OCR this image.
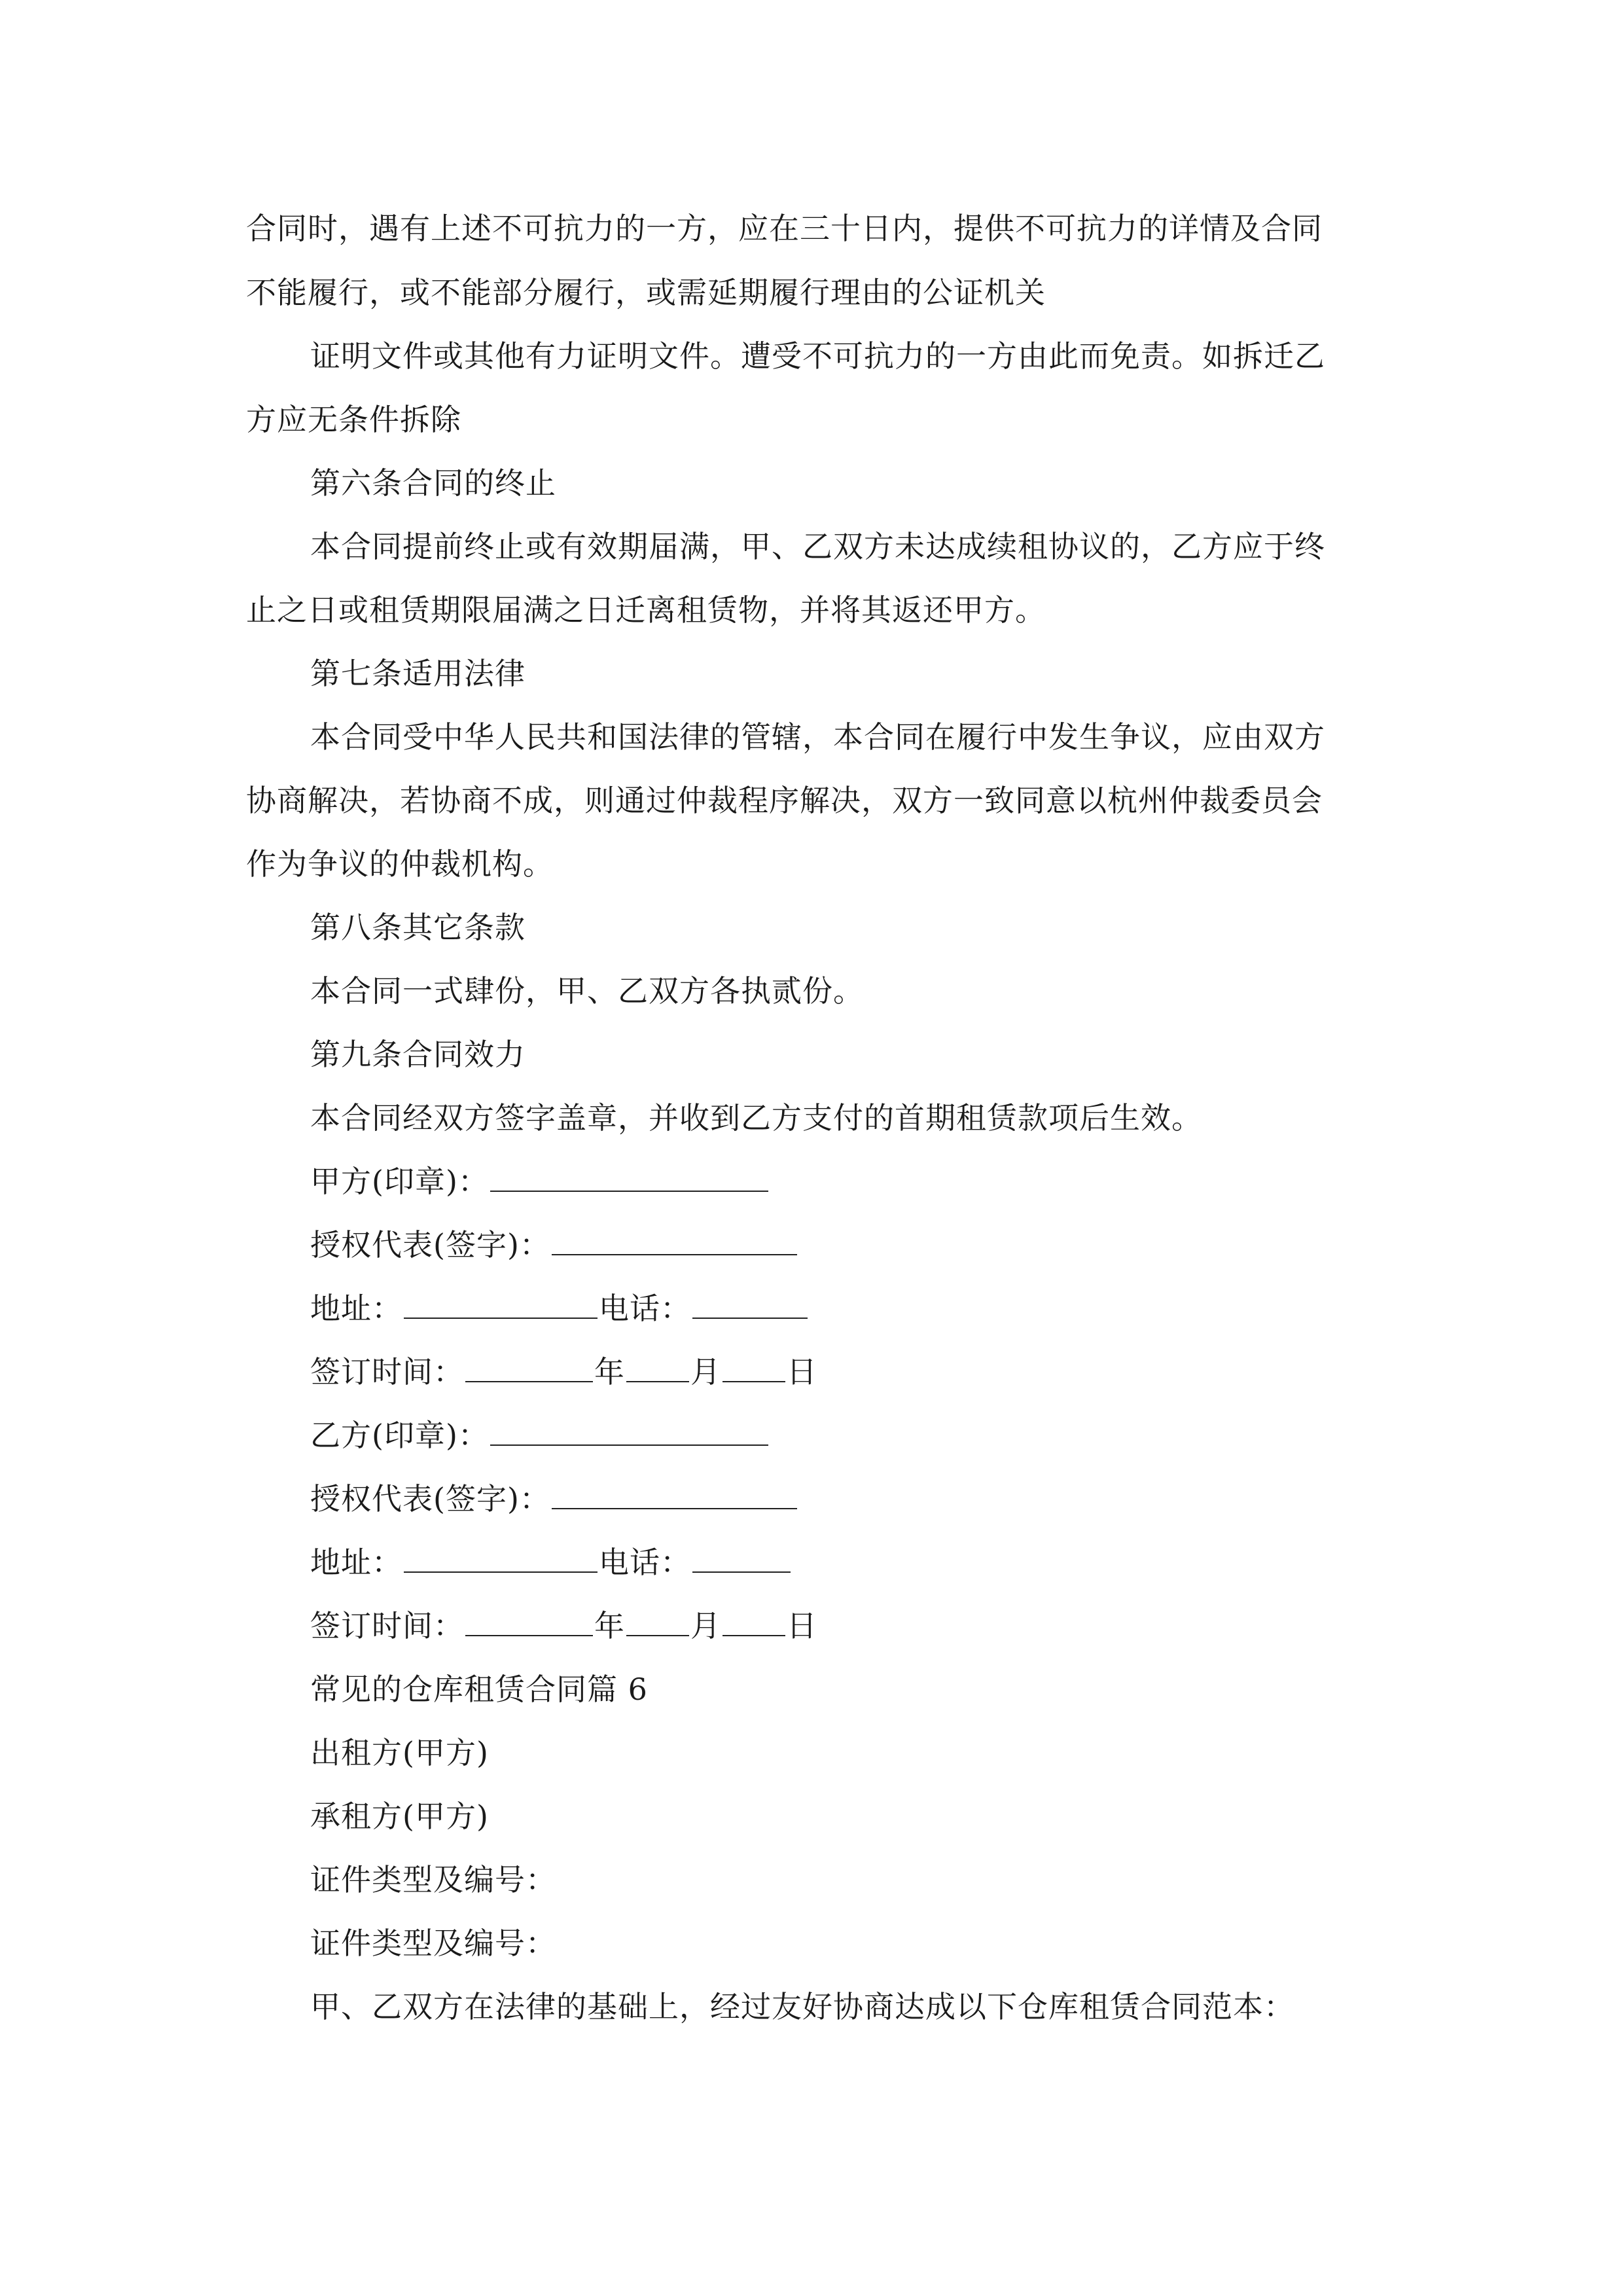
合同时，遇有上述不可抗力的一方，应在三十日内，提供不可抗力的详情及合同
不能履行，或不能部分履行，或需延期履行理由的公证机关
证明文件或其他有力证明文件。遭受不可抗力的一方由此而免责。如拆迁乙
方应无条件拆除
第六条合同的终止
本合同提前终止或有效期届满，甲、乙双方未达成续租协议的，乙方应于终
止之日或租赁期限届满之日迁离租赁物，并将其返还甲方。
第七条适用法律
本合同受中华人民共和国法律的管辖，本合同在履行中发生争议，应由双方
协商解决，若协商不成，则通过仲裁程序解决，双方一致同意以杭州仲裁委员会
作为争议的仲裁机构。
第八条其它条款
本合同一式肆份，甲、乙双方各执贰份。
第九条合同效力
本合同经双方签字盖章，并收到乙方支付的首期租赁款项后生效。
甲方(印章)：
授权代表(签字)：
地址：	电话：
签订时间：	年 月 日
乙方(印章)：
授权代表(签字)：
地址：	电话：
签订时间：	年 月 日
常见的仓库租赁合同篇 6
出租方(甲方)
承租方(甲方)
证件类型及编号：
证件类型及编号：
甲、乙双方在法律的基础上，经过友好协商达成以下仓库租赁合同范本：
